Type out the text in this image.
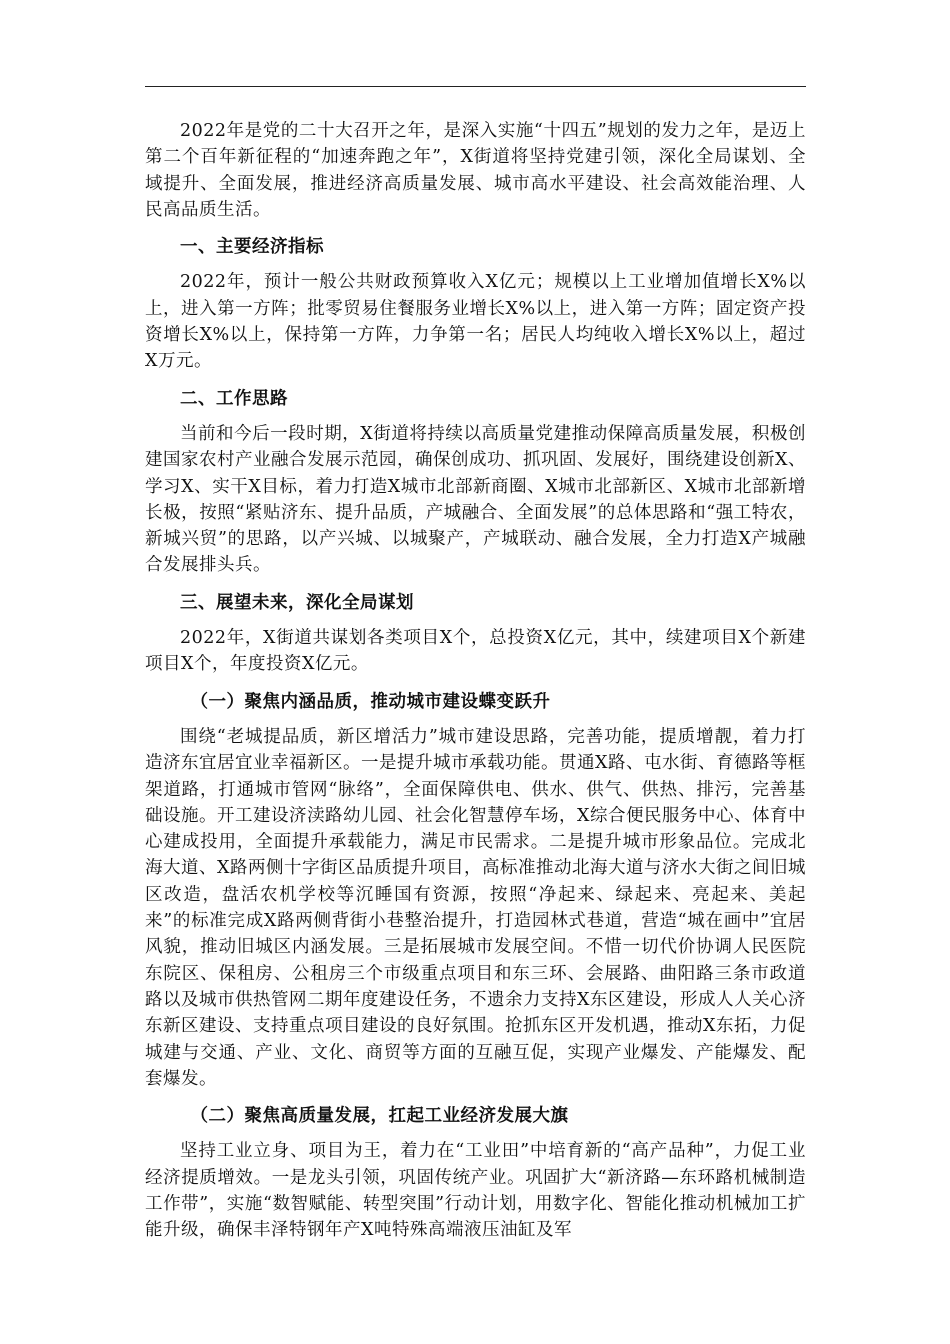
2022年是党的二十大召开之年，是深入实施“十四五”规划的发力之年，是迈上第二个百年新征程的“加速奔跑之年”，X街道将坚持党建引领，深化全局谋划、全域提升、全面发展，推进经济高质量发展、城市高水平建设、社会高效能治理、人民高品质生活。

一、主要经济指标

2022年，预计一般公共财政预算收入X亿元；规模以上工业增加值增长X%以上，进入第一方阵；批零贸易住餐服务业增长X%以上，进入第一方阵；固定资产投资增长X%以上，保持第一方阵，力争第一名；居民人均纯收入增长X%以上，超过X万元。

二、工作思路

当前和今后一段时期，X街道将持续以高质量党建推动保障高质量发展，积极创建国家农村产业融合发展示范园，确保创成功、抓巩固、发展好，围绕建设创新X、学习X、实干X目标，着力打造X城市北部新商圈、X城市北部新区、X城市北部新增长极，按照“紧贴济东、提升品质，产城融合、全面发展”的总体思路和“强工特农，新城兴贸”的思路，以产兴城、以城聚产，产城联动、融合发展，全力打造X产城融合发展排头兵。

三、展望未来，深化全局谋划

2022年，X街道共谋划各类项目X个，总投资X亿元，其中，续建项目X个新建项目X个，年度投资X亿元。

（一）聚焦内涵品质，推动城市建设蝶变跃升

围绕“老城提品质，新区增活力”城市建设思路，完善功能，提质增靓，着力打造济东宜居宜业幸福新区。一是提升城市承载功能。贯通X路、屯水街、育德路等框架道路，打通城市管网“脉络”，全面保障供电、供水、供气、供热、排污，完善基础设施。开工建设济渎路幼儿园、社会化智慧停车场，X综合便民服务中心、体育中心建成投用，全面提升承载能力，满足市民需求。二是提升城市形象品位。完成北海大道、X路两侧十字街区品质提升项目，高标准推动北海大道与济水大街之间旧城区改造，盘活农机学校等沉睡国有资源，按照“净起来、绿起来、亮起来、美起来”的标准完成X路两侧背街小巷整治提升，打造园林式巷道，营造“城在画中”宜居风貌，推动旧城区内涵发展。三是拓展城市发展空间。不惜一切代价协调人民医院东院区、保租房、公租房三个市级重点项目和东三环、会展路、曲阳路三条市政道路以及城市供热管网二期年度建设任务，不遗余力支持X东区建设，形成人人关心济东新区建设、支持重点项目建设的良好氛围。抢抓东区开发机遇，推动X东拓，力促城建与交通、产业、文化、商贸等方面的互融互促，实现产业爆发、产能爆发、配套爆发。

（二）聚焦高质量发展，扛起工业经济发展大旗

坚持工业立身、项目为王，着力在“工业田”中培育新的“高产品种”，力促工业经济提质增效。一是龙头引领，巩固传统产业。巩固扩大“新济路—东环路机械制造工作带”，实施“数智赋能、转型突围”行动计划，用数字化、智能化推动机械加工扩能升级，确保丰泽特钢年产X吨特殊高端液压油缸及军
